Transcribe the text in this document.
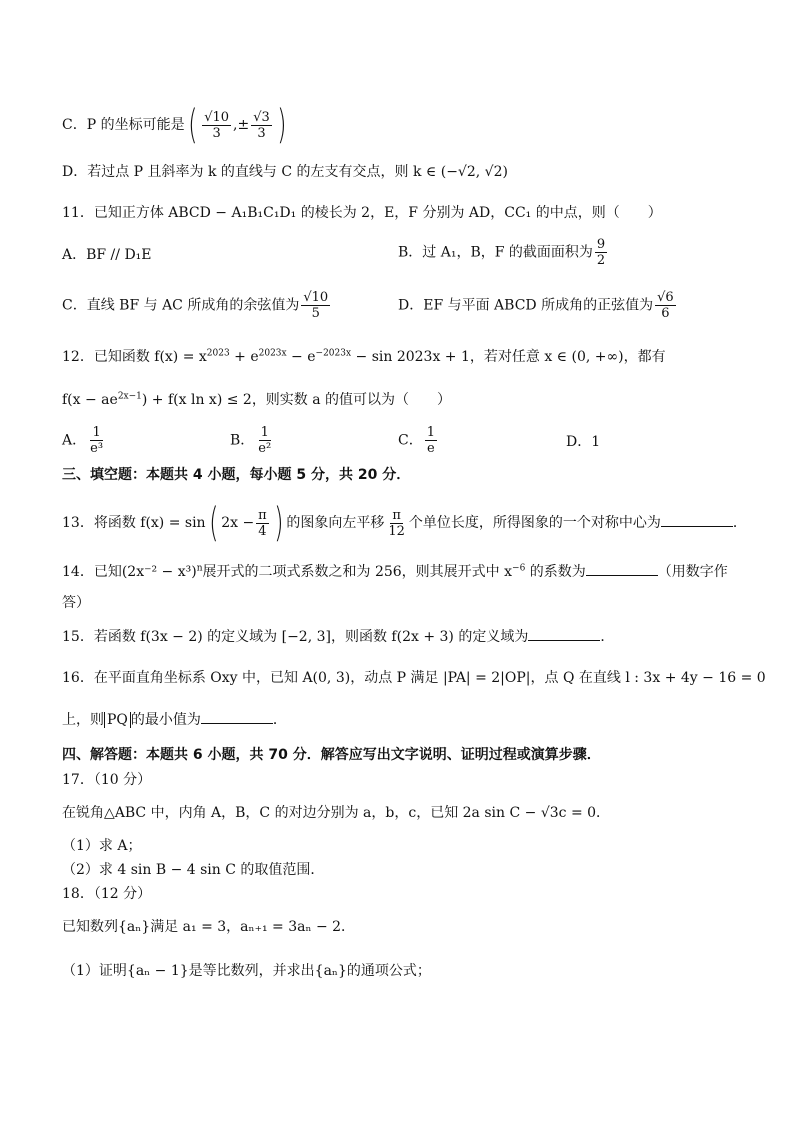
C．P 的坐标可能是( $\frac{√10}{3}$ ,± $\frac{√3}{3}$ )
D．若过点 P 且斜率为 k 的直线与 C 的左支有交点，则 k ∈ (−√2, √2)
11．已知正方体 ABCD − A₁B₁C₁D₁ 的棱长为 2，E，F 分别为 AD，CC₁ 的中点，则（　　）
A．BF // D₁E	B．过 A₁，B，F 的截面面积为 $\frac{9}{2}$
C．直线 BF 与 AC 所成角的余弦值为 $\frac{√10}{5}$	D．EF 与平面 ABCD 所成角的正弦值为 $\frac{√6}{6}$
12．已知函数 $f(x) = x^{2023} + e^{2023x} - e^{-2023x} - \sin 2023x + 1$，若对任意 x ∈ (0, +∞)，都有
$f(x - ae^{2x-1}) + f(x$ ln x) ≤ 2，则实数 a 的值可以为（　　）
A． $\frac{1}{\text{e³}}$	B． $\frac{1}{\text{e²}}$	C． $\frac{1}{e}$	D．1
三、填空题：本题共 4 小题，每小题 5 分，共 20 分．
13．将函数 f(x) = sin( $2x - \frac{\pi}{4}$ ) 的图象向左平移 $\frac{\pi}{12}$ 个单位长度，所得图象的一个对称中心为	．
14．已知$(2x^{-2} - x^3)^n$展开式的二项式系数之和为 256，则其展开式中 $x^{-6}$ 的系数为	（用数字作
答）
15．若函数 f(3x − 2) 的定义域为 [−2, 3]，则函数 f(2x + 3) 的定义域为	．
16．在平面直角坐标系 Oxy 中，已知 A(0, 3)，动点 P 满足 |PA| = 2|OP|，点 Q 在直线 l : 3x + 4y − 16 = 0
上，则 PQ 的最小值为	．
四、解答题：本题共 6 小题，共 70 分．解答应写出文字说明、证明过程或演算步骤．
17．（10 分）
在锐角△ABC 中，内角 A，B，C 的对边分别为 a，b，c，已知 2a sin C − √3c = 0．
（1）求 A；
（2）求 4 sin B − 4 sin C 的取值范围．
18．（12 分）
已知数列{aₙ}满足 a₁ = 3，aₙ₊₁ = 3aₙ − 2．
（1）证明{aₙ − 1}是等比数列，并求出{aₙ}的通项公式；
